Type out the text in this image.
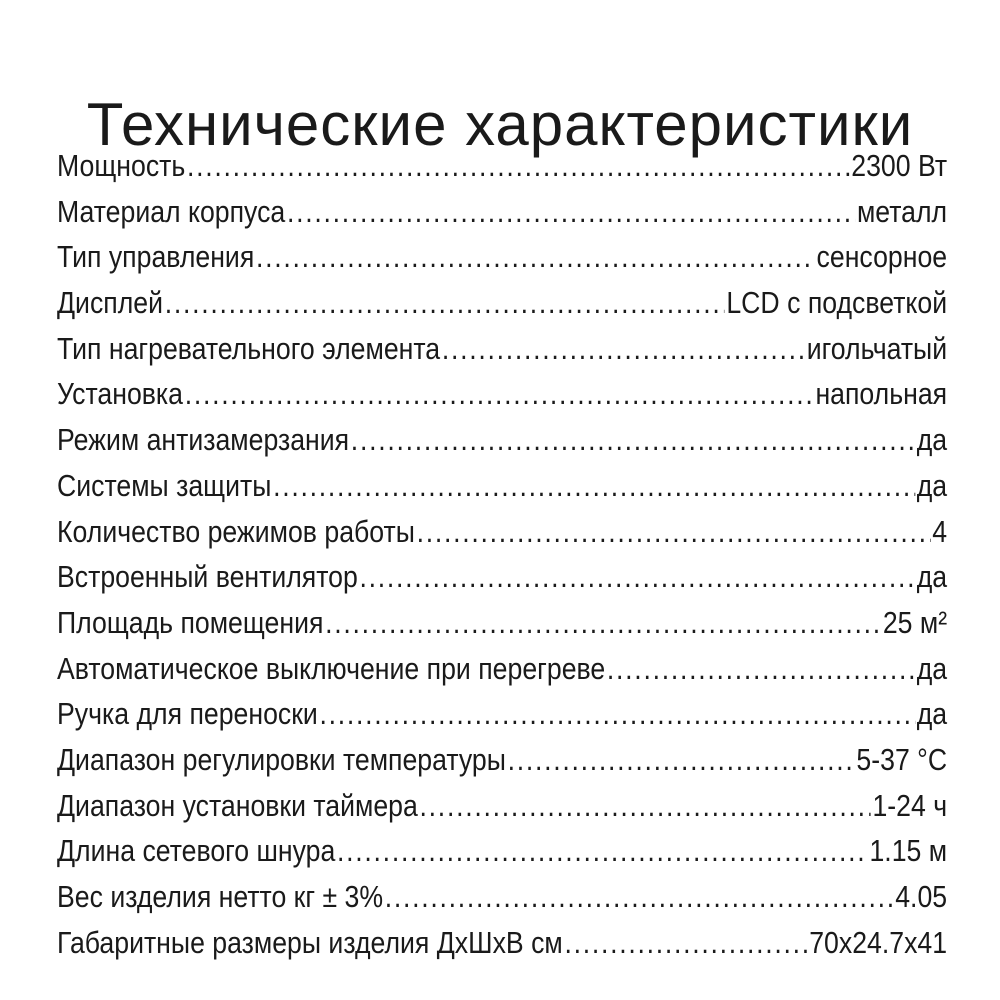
Технические характеристики
Мощность .....	2300 Вт
Материал корпуса .....	металл
Тип управления .....	сенсорное
Дисплей .....	LCD с подсветкой
Тип нагревательного элемента .....	игольчатый
Установка .....	напольная
Режим антизамерзания .....	да
Системы защиты .....	да
Количество режимов работы .....	4
Встроенный вентилятор .....	да
Площадь помещения .....	25 м²
Автоматическое выключение при перегреве .....	да
Ручка для переноски .....	да
Диапазон регулировки температуры .....	5-37 °С
Диапазон установки таймера .....	1-24 ч
Длина сетевого шнура .....	1.15 м
Вес изделия нетто кг ± 3% .....	4.05
Габаритные размеры изделия ДхШхВ см .....	70х24.7х41
